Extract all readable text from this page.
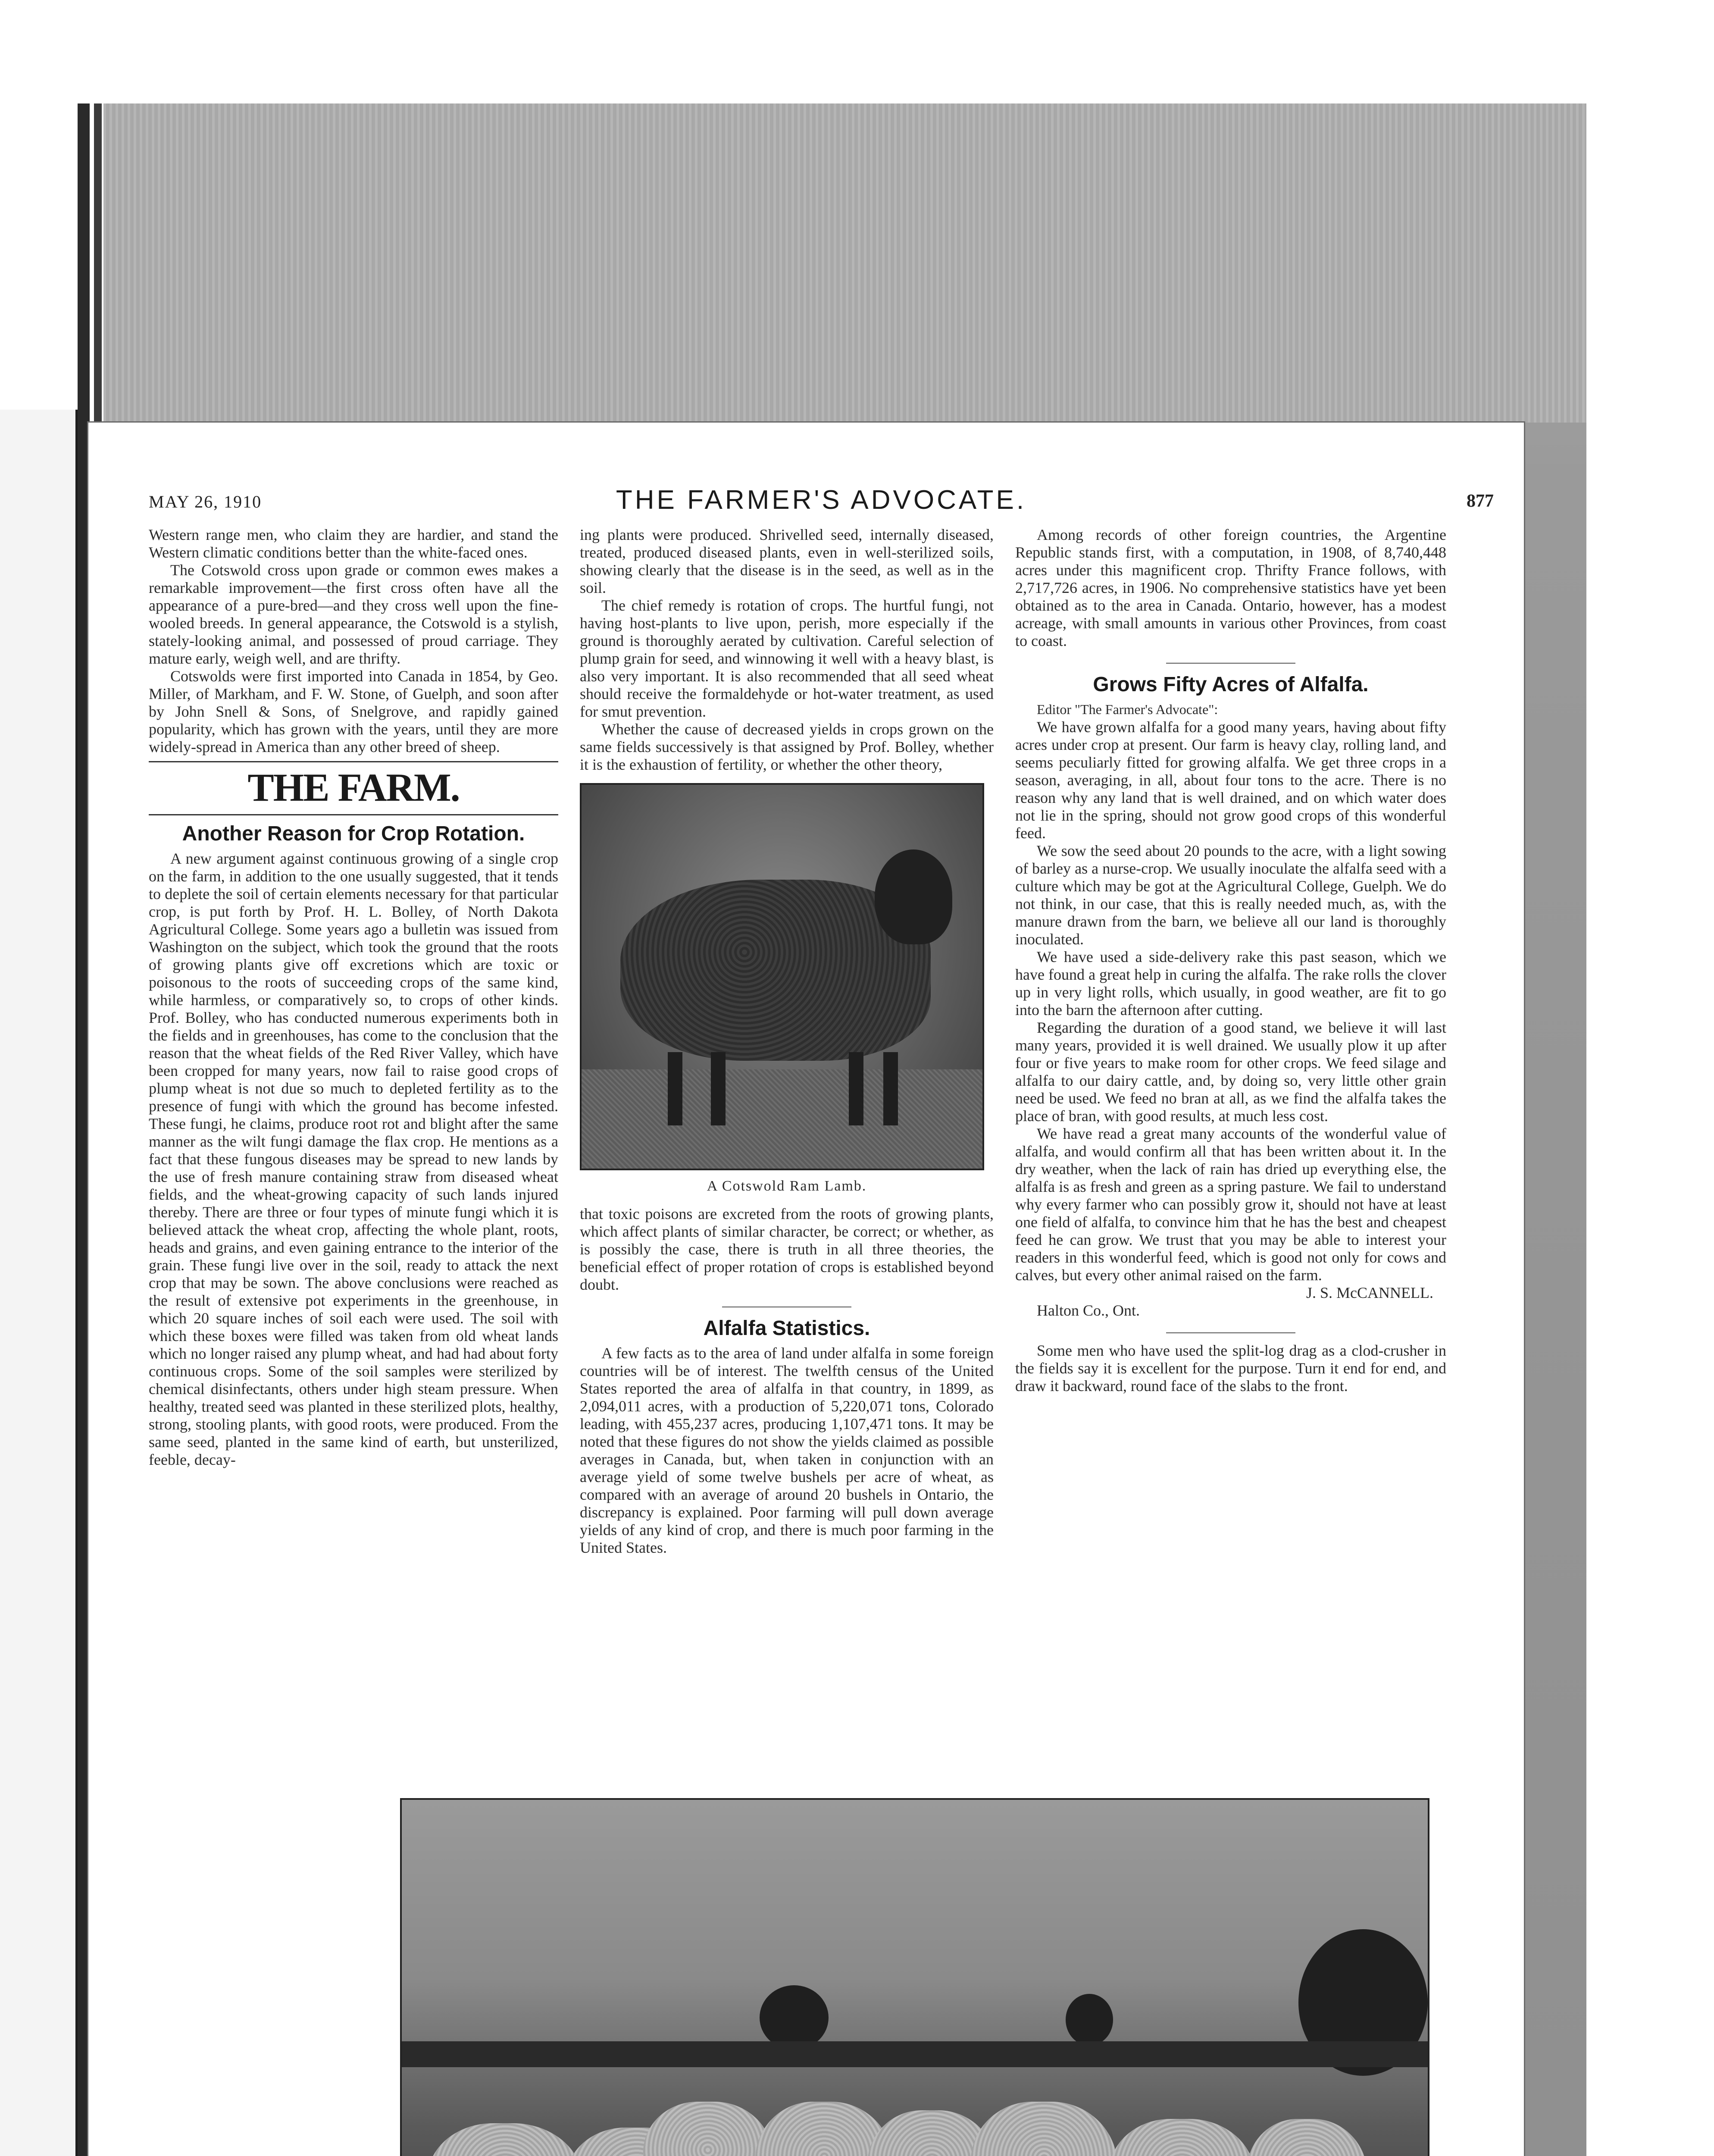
MAY 26, 1910	THE FARMER'S ADVOCATE.	877

Western range men, who claim they are hardier, and stand the Western climatic conditions better than the white-faced ones.

The Cotswold cross upon grade or common ewes makes a remarkable improvement—the first cross often have all the appearance of a pure-bred—and they cross well upon the fine-wooled breeds. In general appearance, the Cotswold is a stylish, stately-looking animal, and possessed of proud carriage. They mature early, weigh well, and are thrifty.

Cotswolds were first imported into Canada in 1854, by Geo. Miller, of Markham, and F. W. Stone, of Guelph, and soon after by John Snell & Sons, of Snelgrove, and rapidly gained popularity, which has grown with the years, until they are more widely-spread in America than any other breed of sheep.

THE FARM.
Another Reason for Crop Rotation.

A new argument against continuous growing of a single crop on the farm, in addition to the one usually suggested, that it tends to deplete the soil of certain elements necessary for that particular crop, is put forth by Prof. H. L. Bolley, of North Dakota Agricultural College. Some years ago a bulletin was issued from Washington on the subject, which took the ground that the roots of growing plants give off excretions which are toxic or poisonous to the roots of succeeding crops of the same kind, while harmless, or comparatively so, to crops of other kinds. Prof. Bolley, who has conducted numerous experiments both in the fields and in greenhouses, has come to the conclusion that the reason that the wheat fields of the Red River Valley, which have been cropped for many years, now fail to raise good crops of plump wheat is not due so much to depleted fertility as to the presence of fungi with which the ground has become infested. These fungi, he claims, produce root rot and blight after the same manner as the wilt fungi damage the flax crop. He mentions as a fact that these fungous diseases may be spread to new lands by the use of fresh manure containing straw from diseased wheat fields, and the wheat-growing capacity of such lands injured thereby. There are three or four types of minute fungi which it is believed attack the wheat crop, affecting the whole plant, roots, heads and grains, and even gaining entrance to the interior of the grain. These fungi live over in the soil, ready to attack the next crop that may be sown. The above conclusions were reached as the result of extensive pot experiments in the greenhouse, in which 20 square inches of soil each were used. The soil with which these boxes were filled was taken from old wheat lands which no longer raised any plump wheat, and had had about forty continuous crops. Some of the soil samples were sterilized by chemical disinfectants, others under high steam pressure. When healthy, treated seed was planted in these sterilized plots, healthy, strong, stooling plants, with good roots, were produced. From the same seed, planted in the same kind of earth, but unsterilized, feeble, decay-

ing plants were produced. Shrivelled seed, internally diseased, treated, produced diseased plants, even in well-sterilized soils, showing clearly that the disease is in the seed, as well as in the soil.

The chief remedy is rotation of crops. The hurtful fungi, not having host-plants to live upon, perish, more especially if the ground is thoroughly aerated by cultivation. Careful selection of plump grain for seed, and winnowing it well with a heavy blast, is also very important. It is also recommended that all seed wheat should receive the formaldehyde or hot-water treatment, as used for smut prevention.

Whether the cause of decreased yields in crops grown on the same fields successively is that assigned by Prof. Bolley, whether it is the exhaustion of fertility, or whether the other theory,

A Cotswold Ram Lamb.

that toxic poisons are excreted from the roots of growing plants, which affect plants of similar character, be correct; or whether, as is possibly the case, there is truth in all three theories, the beneficial effect of proper rotation of crops is established beyond doubt.

Alfalfa Statistics.

A few facts as to the area of land under alfalfa in some foreign countries will be of interest. The twelfth census of the United States reported the area of alfalfa in that country, in 1899, as 2,094,011 acres, with a production of 5,220,071 tons, Colorado leading, with 455,237 acres, producing 1,107,471 tons. It may be noted that these figures do not show the yields claimed as possible averages in Canada, but, when taken in conjunction with an average yield of some twelve bushels per acre of wheat, as compared with an average of around 20 bushels in Ontario, the discrepancy is explained. Poor farming will pull down average yields of any kind of crop, and there is much poor farming in the United States.

Among records of other foreign countries, the Argentine Republic stands first, with a computation, in 1908, of 8,740,448 acres under this magnificent crop. Thrifty France follows, with 2,717,726 acres, in 1906. No comprehensive statistics have yet been obtained as to the area in Canada. Ontario, however, has a modest acreage, with small amounts in various other Provinces, from coast to coast.

Grows Fifty Acres of Alfalfa.

Editor "The Farmer's Advocate":

We have grown alfalfa for a good many years, having about fifty acres under crop at present. Our farm is heavy clay, rolling land, and seems peculiarly fitted for growing alfalfa. We get three crops in a season, averaging, in all, about four tons to the acre. There is no reason why any land that is well drained, and on which water does not lie in the spring, should not grow good crops of this wonderful feed.

We sow the seed about 20 pounds to the acre, with a light sowing of barley as a nurse-crop. We usually inoculate the alfalfa seed with a culture which may be got at the Agricultural College, Guelph. We do not think, in our case, that this is really needed much, as, with the manure drawn from the barn, we believe all our land is thoroughly inoculated.

We have used a side-delivery rake this past season, which we have found a great help in curing the alfalfa. The rake rolls the clover up in very light rolls, which usually, in good weather, are fit to go into the barn the afternoon after cutting.

Regarding the duration of a good stand, we believe it will last many years, provided it is well drained. We usually plow it up after four or five years to make room for other crops. We feed silage and alfalfa to our dairy cattle, and, by doing so, very little other grain need be used. We feed no bran at all, as we find the alfalfa takes the place of bran, with good results, at much less cost.

We have read a great many accounts of the wonderful value of alfalfa, and would confirm all that has been written about it. In the dry weather, when the lack of rain has dried up everything else, the alfalfa is as fresh and green as a spring pasture. We fail to understand why every farmer who can possibly grow it, should not have at least one field of alfalfa, to convince him that he has the best and cheapest feed he can grow. We trust that you may be able to interest your readers in this wonderful feed, which is good not only for cows and calves, but every other animal raised on the farm.

J. S. McCANNELL.

Halton Co., Ont.

Some men who have used the split-log drag as a clod-crusher in the fields say it is excellent for the purpose. Turn it end for end, and draw it backward, round face of the slabs to the front.
